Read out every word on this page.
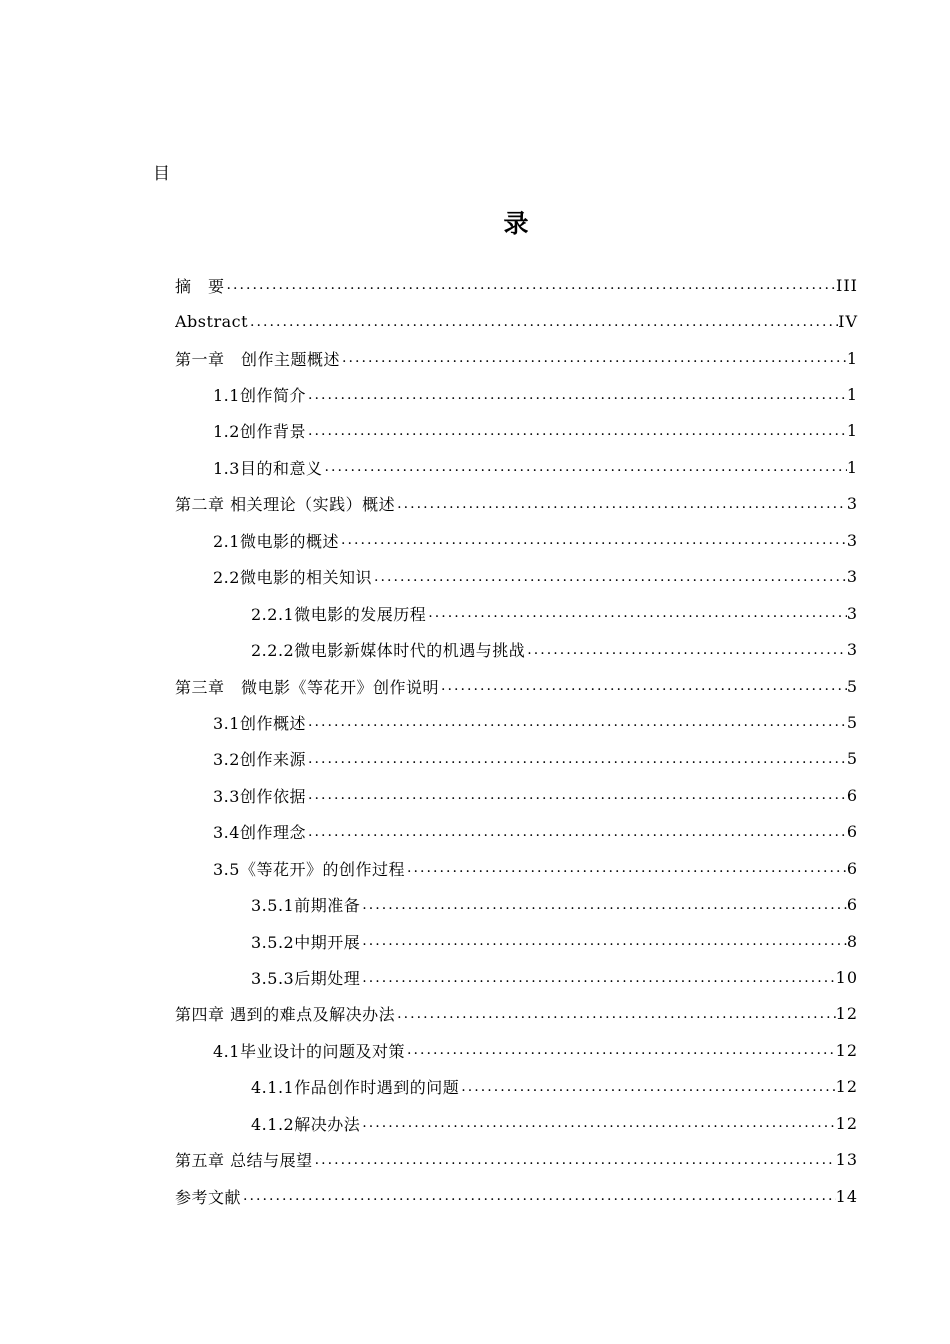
目
录
摘　要 . . .	III
Abstract . . .	IV
第一章　创作主题概述 . . .	1
1.1创作简介 . . .	1
1.2创作背景 . . .	1
1.3目的和意义 . . .	1
第二章 相关理论（实践）概述 . . .	3
2.1微电影的概述 . . .	3
2.2微电影的相关知识 . . .	3
2.2.1微电影的发展历程 . . .	3
2.2.2微电影新媒体时代的机遇与挑战 . . .	3
第三章　微电影《等花开》创作说明 . . .	5
3.1创作概述 . . .	5
3.2创作来源 . . .	5
3.3创作依据 . . .	6
3.4创作理念 . . .	6
3.5《等花开》的创作过程 . . .	6
3.5.1前期准备 . . .	6
3.5.2中期开展 . . .	8
3.5.3后期处理 . . .	10
第四章 遇到的难点及解决办法 . . .	12
4.1毕业设计的问题及对策 . . .	12
4.1.1作品创作时遇到的问题 . . .	12
4.1.2解决办法 . . .	12
第五章 总结与展望 . . .	13
参考文献 . . .	14
